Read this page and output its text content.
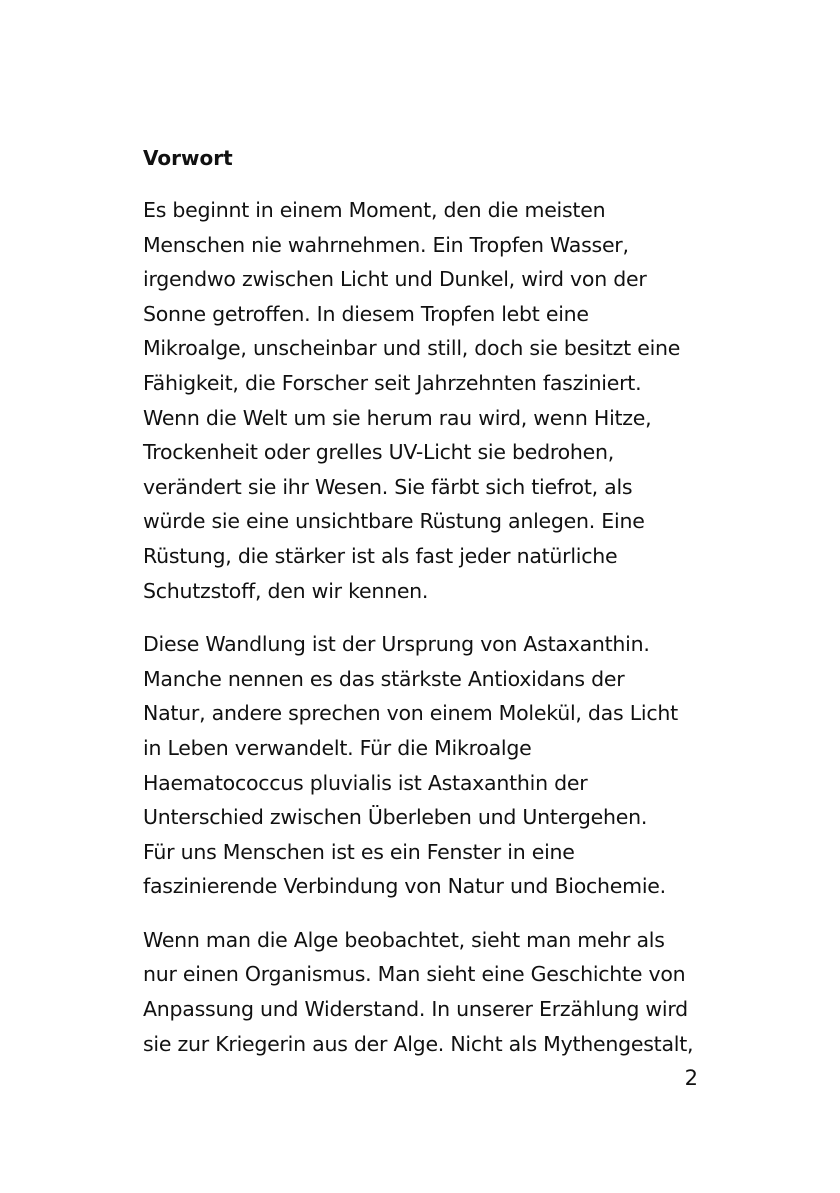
Vorwort

Es beginnt in einem Moment, den die meisten
Menschen nie wahrnehmen. Ein Tropfen Wasser,
irgendwo zwischen Licht und Dunkel, wird von der
Sonne getroffen. In diesem Tropfen lebt eine
Mikroalge, unscheinbar und still, doch sie besitzt eine
Fähigkeit, die Forscher seit Jahrzehnten fasziniert.
Wenn die Welt um sie herum rau wird, wenn Hitze,
Trockenheit oder grelles UV-Licht sie bedrohen,
verändert sie ihr Wesen. Sie färbt sich tiefrot, als
würde sie eine unsichtbare Rüstung anlegen. Eine
Rüstung, die stärker ist als fast jeder natürliche
Schutzstoff, den wir kennen.

Diese Wandlung ist der Ursprung von Astaxanthin.
Manche nennen es das stärkste Antioxidans der
Natur, andere sprechen von einem Molekül, das Licht
in Leben verwandelt. Für die Mikroalge
Haematococcus pluvialis ist Astaxanthin der
Unterschied zwischen Überleben und Untergehen.
Für uns Menschen ist es ein Fenster in eine
faszinierende Verbindung von Natur und Biochemie.

Wenn man die Alge beobachtet, sieht man mehr als
nur einen Organismus. Man sieht eine Geschichte von
Anpassung und Widerstand. In unserer Erzählung wird
sie zur Kriegerin aus der Alge. Nicht als Mythengestalt,

2
